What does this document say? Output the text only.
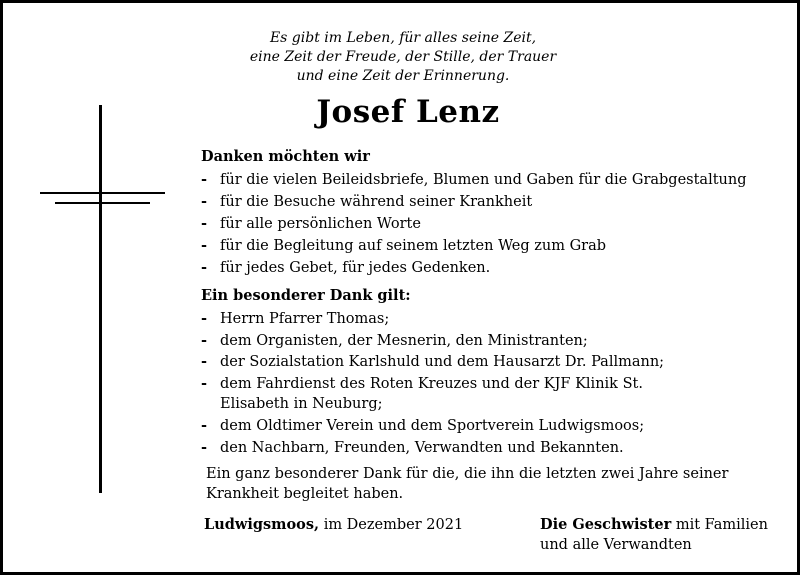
Es gibt im Leben, für alles seine Zeit,
eine Zeit der Freude, der Stille, der Trauer
und eine Zeit der Erinnerung.
Josef Lenz
Danken möchten wir
- für die vielen Beileidsbriefe, Blumen und Gaben für die Grabgestaltung
- für die Besuche während seiner Krankheit
- für alle persönlichen Worte
- für die Begleitung auf seinem letzten Weg zum Grab
- für jedes Gebet, für jedes Gedenken.
Ein besonderer Dank gilt:
- Herrn Pfarrer Thomas;
- dem Organisten, der Mesnerin, den Ministranten;
- der Sozialstation Karlshuld und dem Hausarzt Dr. Pallmann;
- dem Fahrdienst des Roten Kreuzes und der KJF Klinik St.
Elisabeth in Neuburg;
- dem Oldtimer Verein und dem Sportverein Ludwigsmoos;
- den Nachbarn, Freunden, Verwandten und Bekannten.
Ein ganz besonderer Dank für die, die ihn die letzten zwei Jahre seiner
Krankheit begleitet haben.
Ludwigsmoos, im Dezember 2021	Die Geschwister mit Familien
und alle Verwandten
